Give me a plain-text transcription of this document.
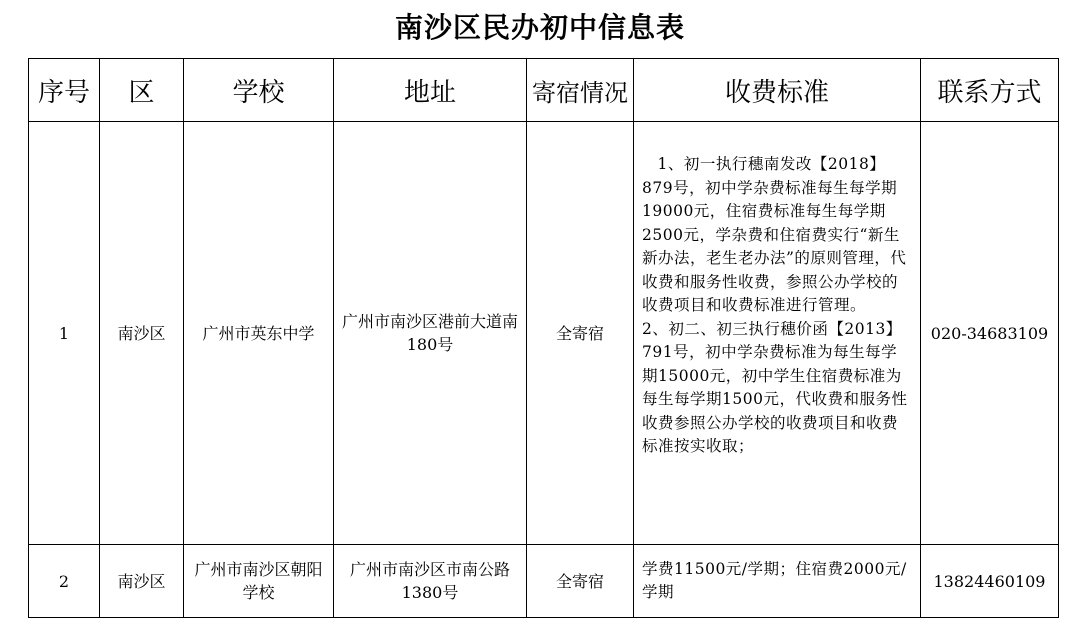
南沙区民办初中信息表
序号	区	学校	地址	寄宿情况	收费标准	联系方式
1	南沙区	广州市英东中学	广州市南沙区港前大道南180号	全寄宿	1、初一执行穗南发改【2018】879号，初中学杂费标准每生每学期19000元，住宿费标准每生每学期2500元，学杂费和住宿费实行“新生新办法，老生老办法”的原则管理，代收费和服务性收费，参照公办学校的收费项目和收费标准进行管理。

2、初二、初三执行穗价函【2013】791号，初中学杂费标准为每生每学期15000元，初中学生住宿费标准为每生每学期1500元，代收费和服务性收费参照公办学校的收费项目和收费标准按实收取；	020-34683109
2	南沙区	广州市南沙区朝阳学校	广州市南沙区市南公路1380号	全寄宿	学费11500元/学期；住宿费2000元/学期	13824460109
